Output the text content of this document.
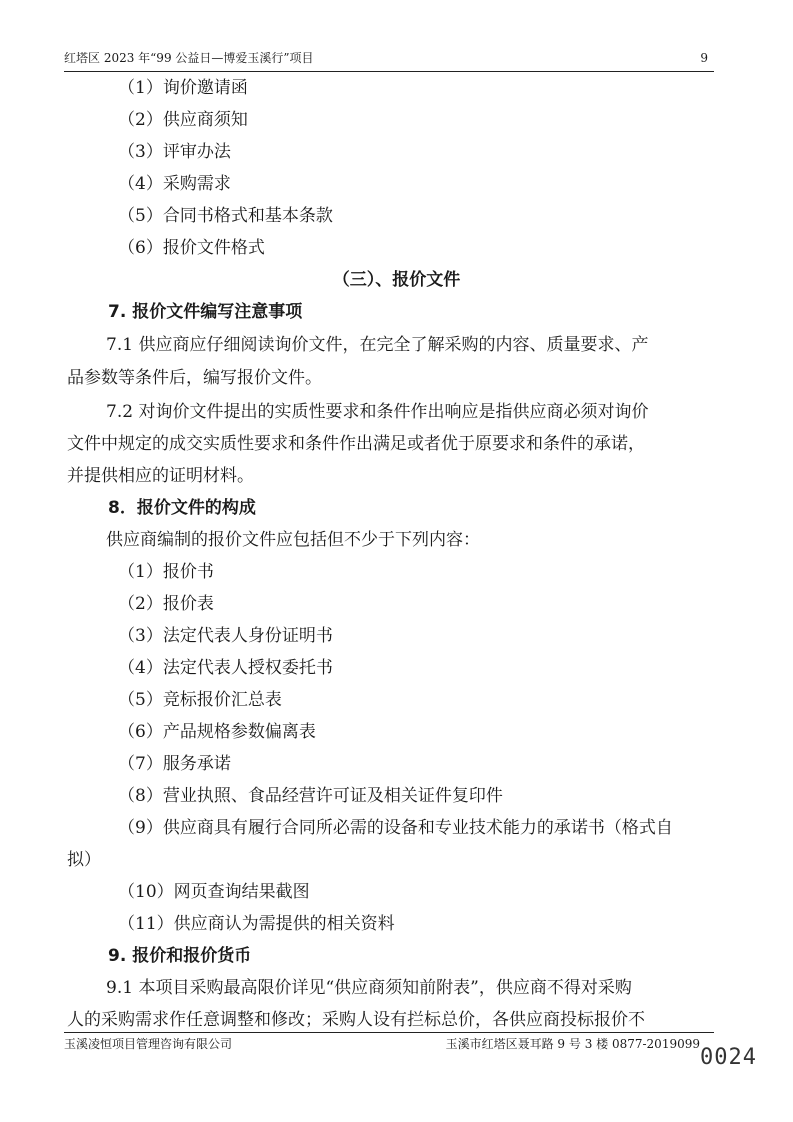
红塔区 2023 年“99 公益日—博爱玉溪行”项目	9
（1）询价邀请函
（2）供应商须知
（3）评审办法
（4）采购需求
（5）合同书格式和基本条款
（6）报价文件格式
（三）、报价文件
7. 报价文件编写注意事项
7.1 供应商应仔细阅读询价文件，在完全了解采购的内容、质量要求、产
品参数等条件后，编写报价文件。
7.2 对询价文件提出的实质性要求和条件作出响应是指供应商必须对询价
文件中规定的成交实质性要求和条件作出满足或者优于原要求和条件的承诺，
并提供相应的证明材料。
8．报价文件的构成
供应商编制的报价文件应包括但不少于下列内容：
（1）报价书
（2）报价表
（3）法定代表人身份证明书
（4）法定代表人授权委托书
（5）竞标报价汇总表
（6）产品规格参数偏离表
（7）服务承诺
（8）营业执照、食品经营许可证及相关证件复印件
（9）供应商具有履行合同所必需的设备和专业技术能力的承诺书（格式自
拟）
（10）网页查询结果截图
（11）供应商认为需提供的相关资料
9. 报价和报价货币
9.1 本项目采购最高限价详见“供应商须知前附表”，供应商不得对采购
人的采购需求作任意调整和修改；采购人设有拦标总价，各供应商投标报价不
玉溪凌恒项目管理咨询有限公司	玉溪市红塔区聂耳路 9 号 3 楼 0877-2019099
0024
